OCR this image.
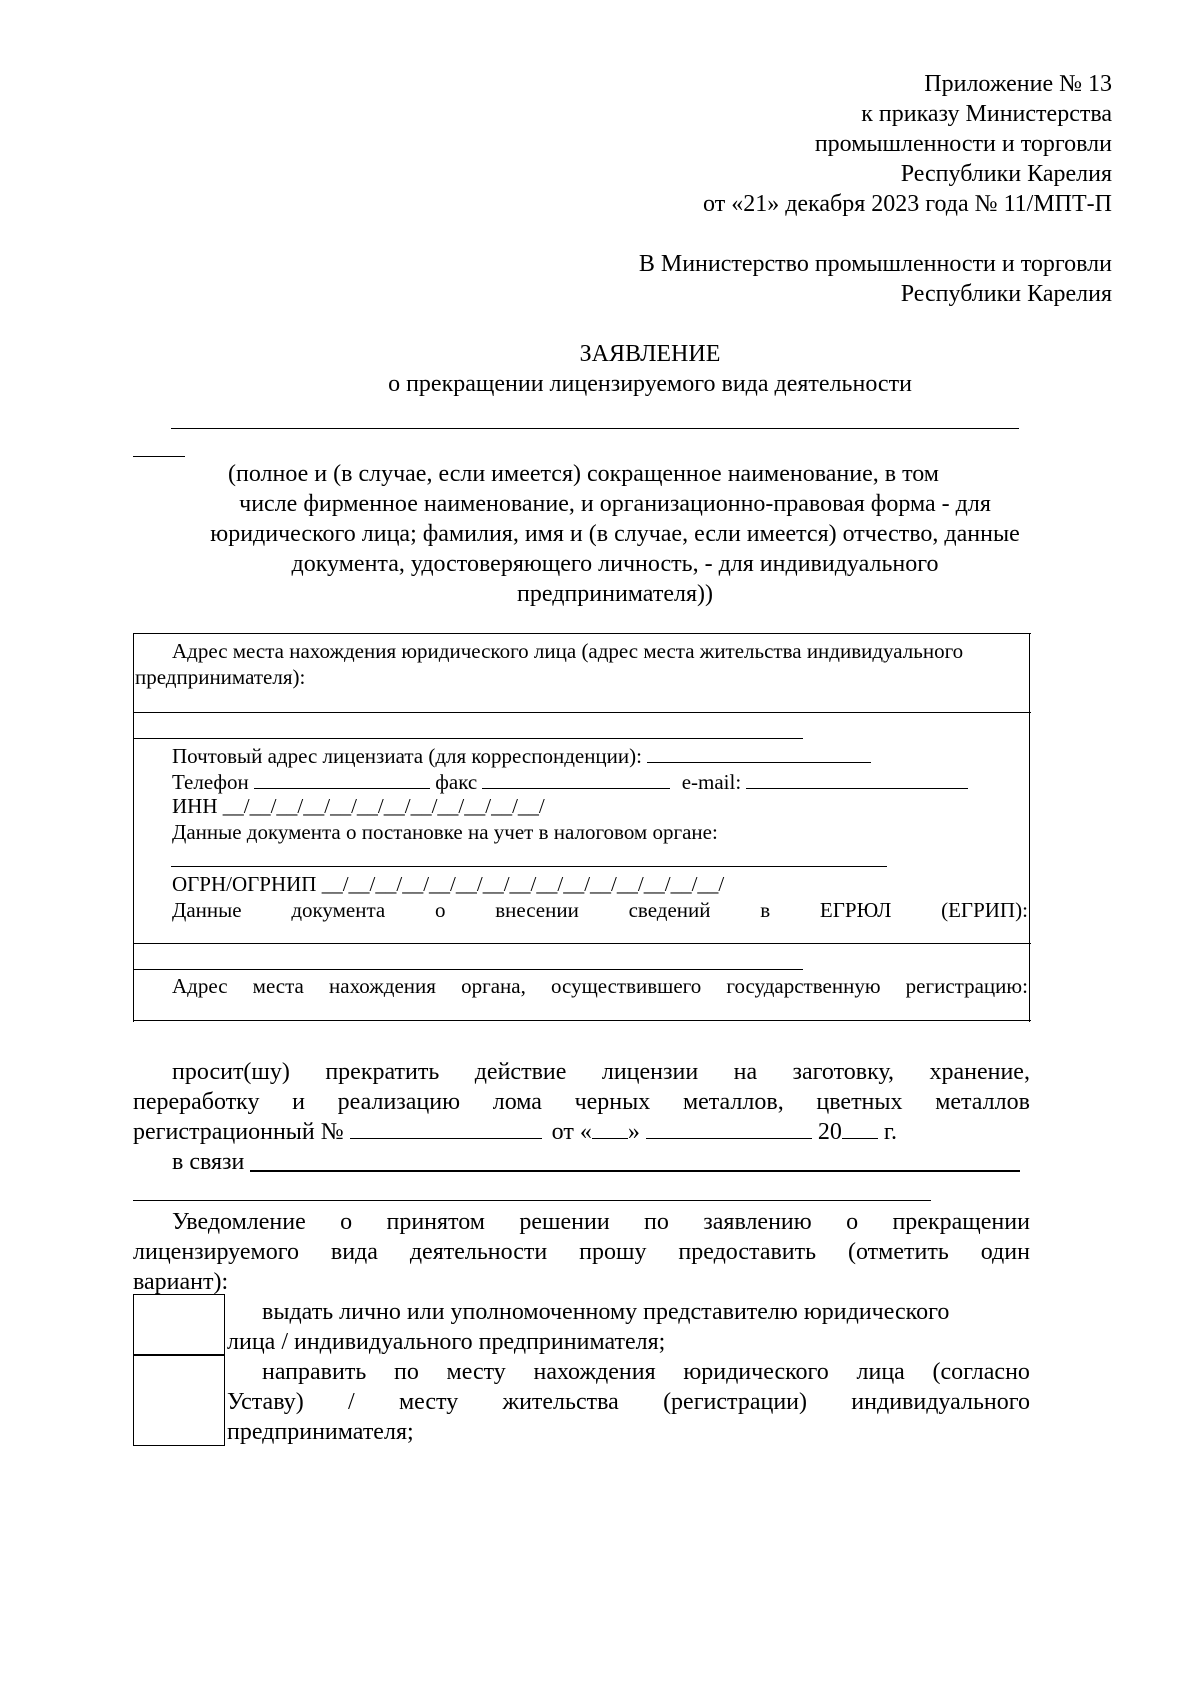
Приложение № 13
к приказу Министерства
промышленности и торговли
Республики Карелия
от «21» декабря 2023 года № 11/МПТ-П
В Министерство промышленности и торговли
Республики Карелия
ЗАЯВЛЕНИЕ
о прекращении лицензируемого вида деятельности
(полное и (в случае, если имеется) сокращенное наименование, в том
числе фирменное наименование, и организационно-правовая форма - для
юридического лица; фамилия, имя и (в случае, если имеется) отчество, данные
документа, удостоверяющего личность, - для индивидуального
предпринимателя))
Адрес места нахождения юридического лица (адрес места жительства индивидуального
предпринимателя):
Почтовый адрес лицензиата (для корреспонденции):
Телефон	факс	e-mail:
ИНН __/__/__/__/__/__/__/__/__/__/__/__/
Данные документа о постановке на учет в налоговом органе:
ОГРН/ОГРНИП __/__/__/__/__/__/__/__/__/__/__/__/__/__/__/
Данные документа о внесении сведений в ЕГРЮЛ (ЕГРИП):
Адрес места нахождения органа, осуществившего государственную регистрацию:
просит(шу) прекратить действие лицензии на заготовку, хранение,
переработку и реализацию лома черных металлов, цветных металлов
регистрационный №	от « »	20 г.
в связи
Уведомление о принятом решении по заявлению о прекращении
лицензируемого вида деятельности прошу предоставить (отметить один
вариант):
выдать лично или уполномоченному представителю юридического
лица / индивидуального предпринимателя;
направить по месту нахождения юридического лица (согласно
Уставу) / месту жительства (регистрации) индивидуального
предпринимателя;
